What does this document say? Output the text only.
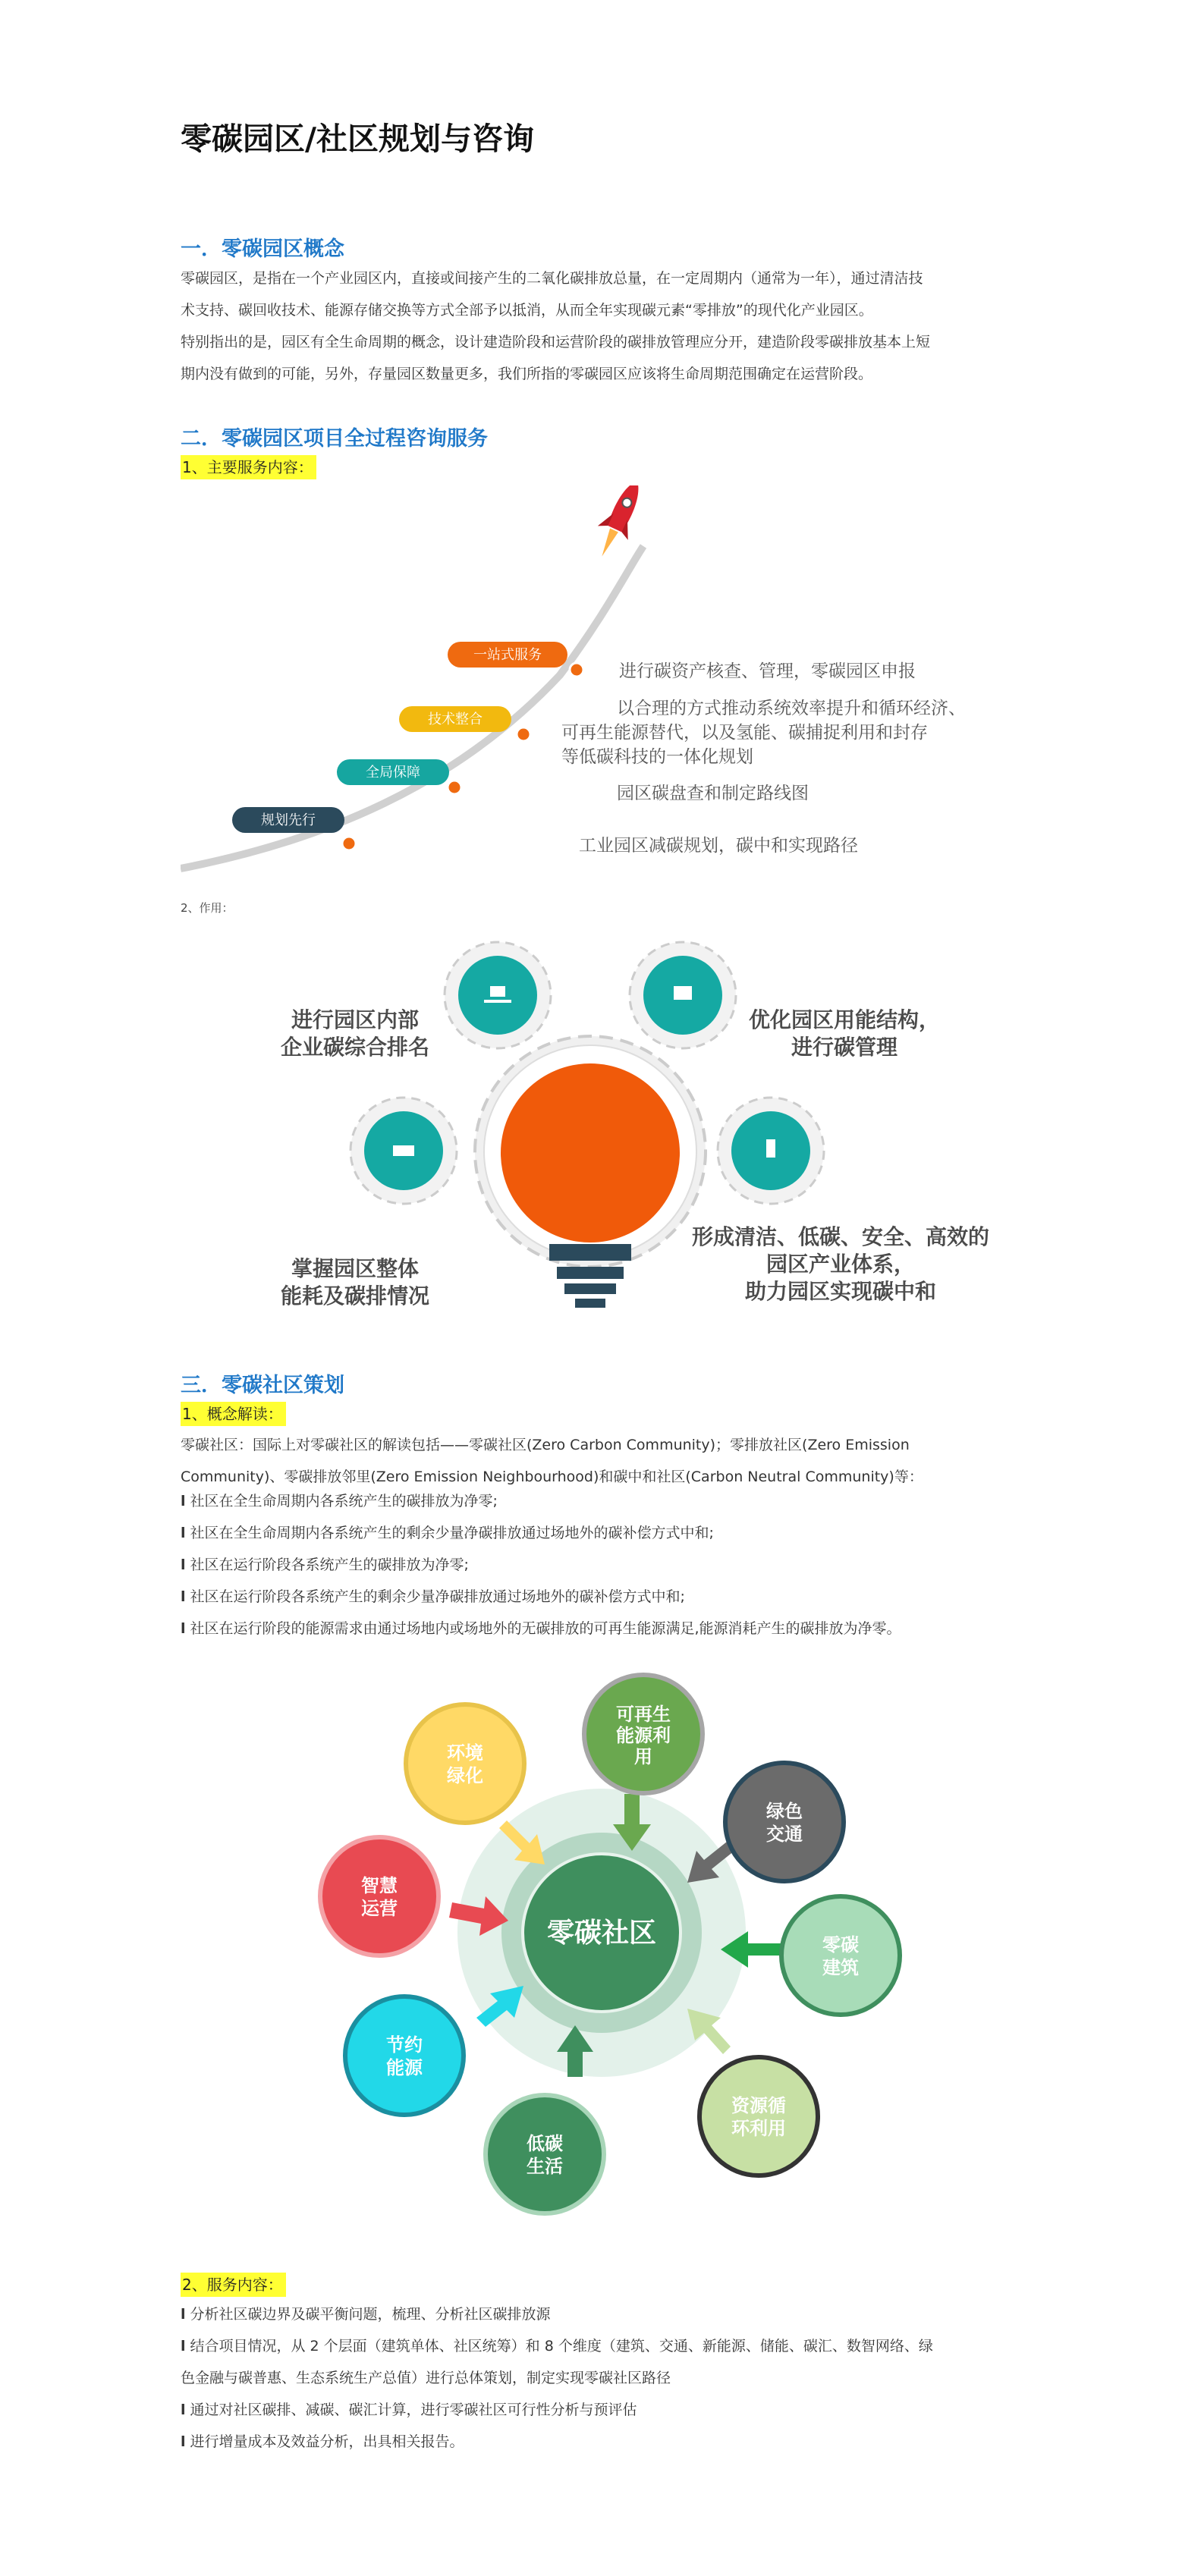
零碳园区/社区规划与咨询
一．零碳园区概念

零碳园区，是指在一个产业园区内，直接或间接产生的二氧化碳排放总量，在一定周期内（通常为一年），通过清洁技

术支持、碳回收技术、能源存储交换等方式全部予以抵消，从而全年实现碳元素“零排放”的现代化产业园区。

特别指出的是，园区有全生命周期的概念，设计建造阶段和运营阶段的碳排放管理应分开，建造阶段零碳排放基本上短

期内没有做到的可能，另外，存量园区数量更多，我们所指的零碳园区应该将生命周期范围确定在运营阶段。

二．零碳园区项目全过程咨询服务

1、主要服务内容：

规划先行
全局保障
技术整合
一站式服务
工业园区减碳规划，碳中和实现路径
园区碳盘查和制定路线图
以合理的方式推动系统效率提升和循环经济、
可再生能源替代，以及氢能、碳捕捉利用和封存
等低碳科技的一体化规划
进行碳资产核查、管理，零碳园区申报

2、作用：

进行园区内部
企业碳综合排名
优化园区用能结构，
进行碳管理
掌握园区整体
能耗及碳排情况
形成清洁、低碳、安全、高效的
园区产业体系，
助力园区实现碳中和
三．零碳社区策划

1、概念解读：

零碳社区：国际上对零碳社区的解读包括——零碳社区(Zero Carbon Community)；零排放社区(Zero Emission

Community)、零碳排放邻里(Zero Emission Neighbourhood)和碳中和社区(Carbon Neutral Community)等：

l 社区在全生命周期内各系统产生的碳排放为净零;

l 社区在全生命周期内各系统产生的剩余少量净碳排放通过场地外的碳补偿方式中和;

l 社区在运行阶段各系统产生的碳排放为净零;

l 社区在运行阶段各系统产生的剩余少量净碳排放通过场地外的碳补偿方式中和;

l 社区在运行阶段的能源需求由通过场地内或场地外的无碳排放的可再生能源满足,能源消耗产生的碳排放为净零。

零碳社区
可再生
能源利
用
绿色
交通
零碳
建筑
资源循
环利用
低碳
生活
节约
能源
智慧
运营
环境
绿化

2、服务内容：

l 分析社区碳边界及碳平衡问题，梳理、分析社区碳排放源

l 结合项目情况，从 2 个层面（建筑单体、社区统筹）和 8 个维度（建筑、交通、新能源、储能、碳汇、数智网络、绿

色金融与碳普惠、生态系统生产总值）进行总体策划，制定实现零碳社区路径

l 通过对社区碳排、减碳、碳汇计算，进行零碳社区可行性分析与预评估

l 进行增量成本及效益分析，出具相关报告。
